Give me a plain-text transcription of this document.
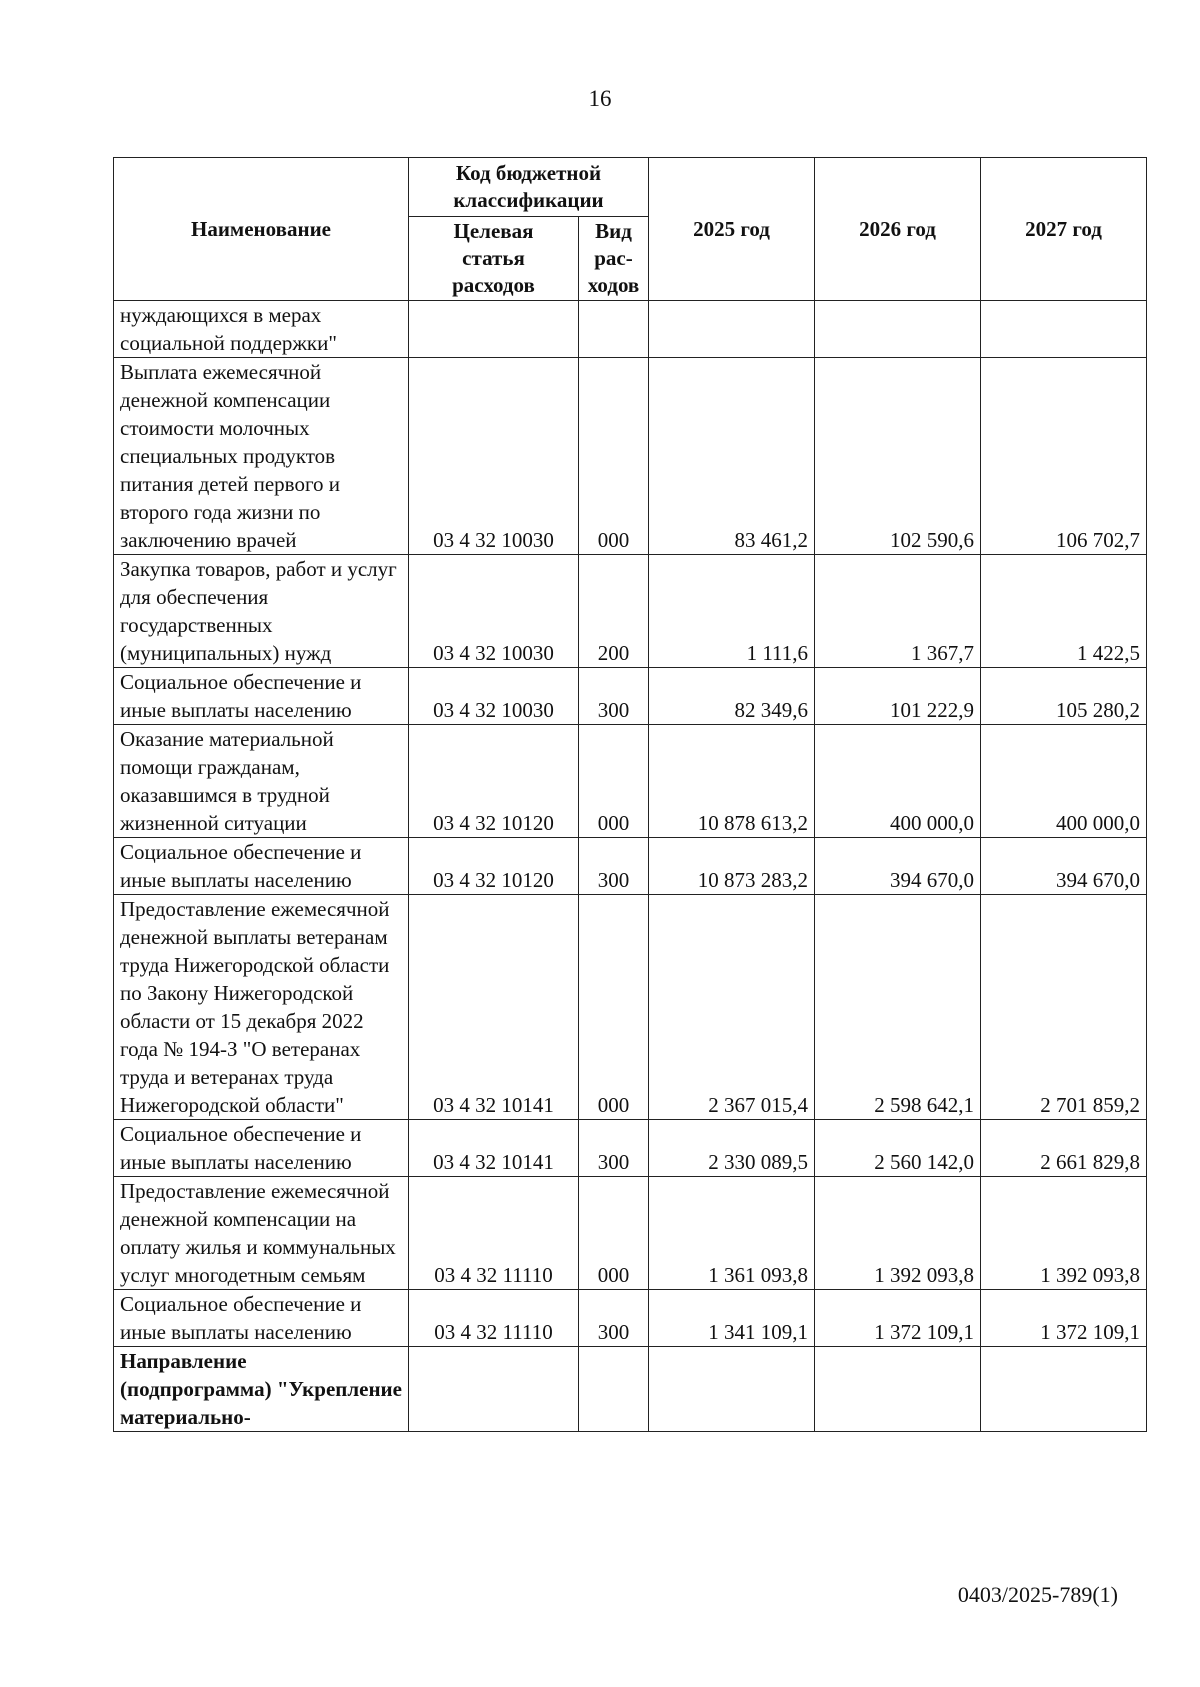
16
Наименование	Код бюджетной классификации		2025 год	2026 год	2027 год
	Целевая статья расходов	Вид рас-ходов			
нуждающихся в мерах социальной поддержки"					
Выплата ежемесячной денежной компенсации стоимости молочных специальных продуктов питания детей первого и второго года жизни по заключению врачей	03 4 32 10030	000	83 461,2	102 590,6	106 702,7
Закупка товаров, работ и услуг для обеспечения государственных (муниципальных) нужд	03 4 32 10030	200	1 111,6	1 367,7	1 422,5
Социальное обеспечение и иные выплаты населению	03 4 32 10030	300	82 349,6	101 222,9	105 280,2
Оказание материальной помощи гражданам, оказавшимся в трудной жизненной ситуации	03 4 32 10120	000	10 878 613,2	400 000,0	400 000,0
Социальное обеспечение и иные выплаты населению	03 4 32 10120	300	10 873 283,2	394 670,0	394 670,0
Предоставление ежемесячной денежной выплаты ветеранам труда Нижегородской области по Закону Нижегородской области от 15 декабря 2022 года № 194-З "О ветеранах труда и ветеранах труда Нижегородской области"	03 4 32 10141	000	2 367 015,4	2 598 642,1	2 701 859,2
Социальное обеспечение и иные выплаты населению	03 4 32 10141	300	2 330 089,5	2 560 142,0	2 661 829,8
Предоставление ежемесячной денежной компенсации на оплату жилья и коммунальных услуг многодетным семьям	03 4 32 11110	000	1 361 093,8	1 392 093,8	1 392 093,8
Социальное обеспечение и иные выплаты населению	03 4 32 11110	300	1 341 109,1	1 372 109,1	1 372 109,1
Направление (подпрограмма) "Укрепление материально-					
0403/2025-789(1)
